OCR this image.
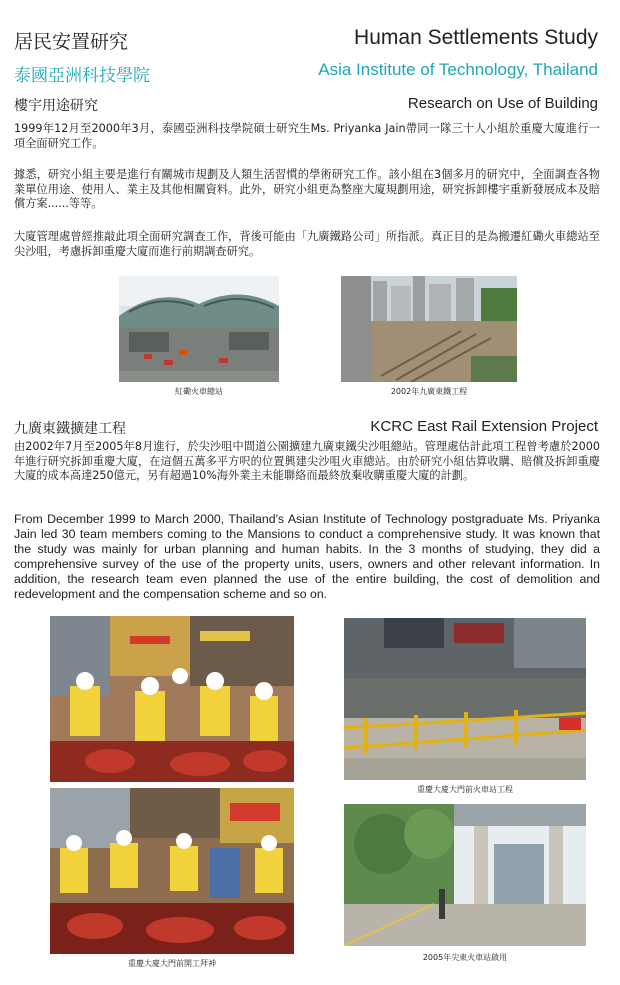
居民安置研究	Human Settlements Study
泰國亞洲科技學院	Asia Institute of Technology, Thailand
樓宇用途研究	Research on Use of Building
1999年12月至2000年3月，泰國亞洲科技學院碩士研究生Ms. Priyanka Jain帶同一隊三十人小組於重慶大廈進行一項全面研究工作。
據悉，研究小組主要是進行有關城市規劃及人類生活習慣的學術研究工作。該小組在3個多月的研究中，全面調查各物業單位用途、使用人、業主及其他相關資料。此外，研究小組更為整座大廈規劃用途，研究拆卸樓宇重新發展成本及賠償方案......等等。
大廈管理處曾經推敲此項全面研究調查工作，背後可能由「九廣鐵路公司」所指派。真正目的是為搬遷紅磡火車總站至尖沙咀，考慮拆卸重慶大廈而進行前期調查研究。
紅磡火車總站	2002年九廣東鐵工程
九廣東鐵擴建工程	KCRC East Rail Extension Project
由2002年7月至2005年8月進行，於尖沙咀中間道公園擴建九廣東鐵尖沙咀總站。管理處估計此項工程曾考慮於2000年進行研究拆卸重慶大廈，在這個五萬多平方呎的位置興建尖沙咀火車總站。由於研究小組估算收購、賠償及拆卸重慶大廈的成本高達250億元，另有超過10%海外業主未能聯絡而最終放棄收購重慶大廈的計劃。
From December 1999 to March 2000, Thailand's Asian Institute of Technology postgraduate Ms. Priyanka Jain led 30 team members coming to the Mansions to conduct a comprehensive study. It was known that the study was mainly for urban planning and human habits. In the 3 months of studying, they did a comprehensive survey of the use of the property units, users, owners and other relevant information. In addition, the research team even planned the use of the entire building, the cost of demolition and redevelopment and the compensation scheme and so on.
重慶大廈大門前火車站工程
重慶大廈大門前開工拜神
2005年尖東火車站啟用
